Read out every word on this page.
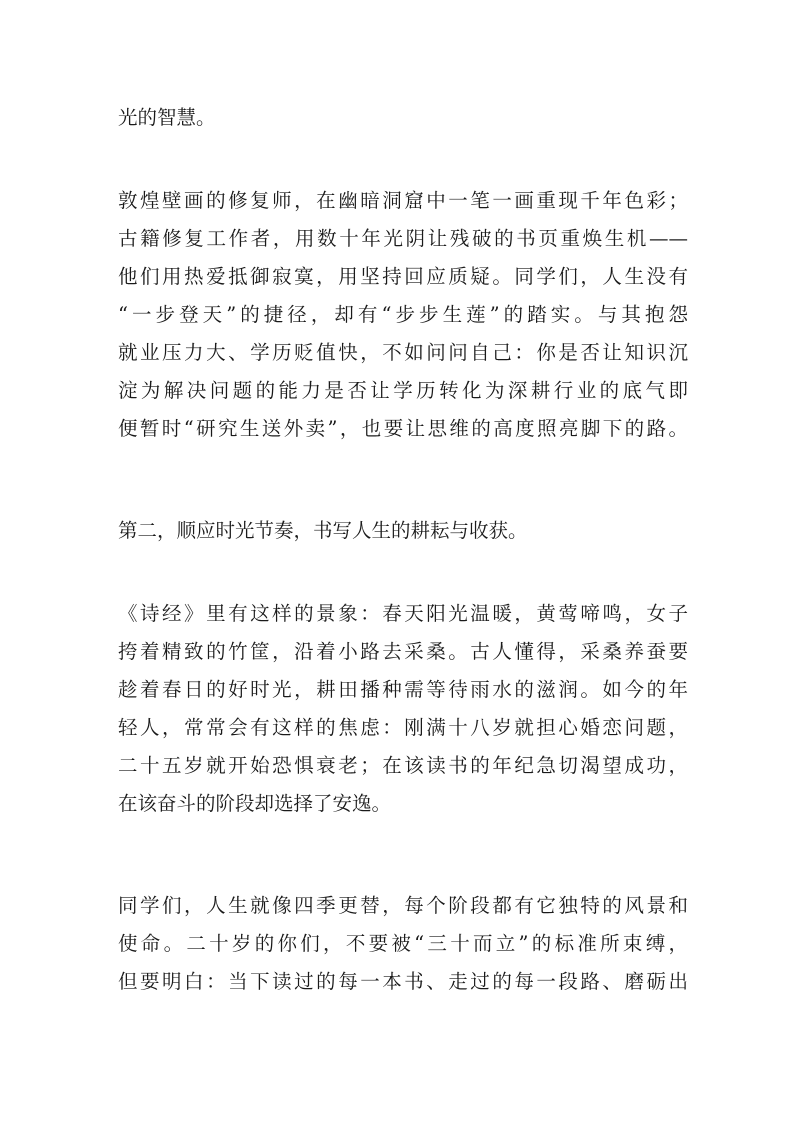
光的智慧。
敦煌壁画的修复师，在幽暗洞窟中一笔一画重现千年色彩；
古籍修复工作者，用数十年光阴让残破的书页重焕生机——
他们用热爱抵御寂寞，用坚持回应质疑。同学们，人生没有
“一步登天”的捷径，却有“步步生莲”的踏实。与其抱怨
就业压力大、学历贬值快，不如问问自己：你是否让知识沉
淀为解决问题的能力是否让学历转化为深耕行业的底气即
便暂时“研究生送外卖”，也要让思维的高度照亮脚下的路。
第二，顺应时光节奏，书写人生的耕耘与收获。
《诗经》里有这样的景象：春天阳光温暖，黄莺啼鸣，女子
挎着精致的竹筐，沿着小路去采桑。古人懂得，采桑养蚕要
趁着春日的好时光，耕田播种需等待雨水的滋润。如今的年
轻人，常常会有这样的焦虑：刚满十八岁就担心婚恋问题，
二十五岁就开始恐惧衰老；在该读书的年纪急切渴望成功，
在该奋斗的阶段却选择了安逸。
同学们，人生就像四季更替，每个阶段都有它独特的风景和
使命。二十岁的你们，不要被“三十而立”的标准所束缚，
但要明白：当下读过的每一本书、走过的每一段路、磨砺出
